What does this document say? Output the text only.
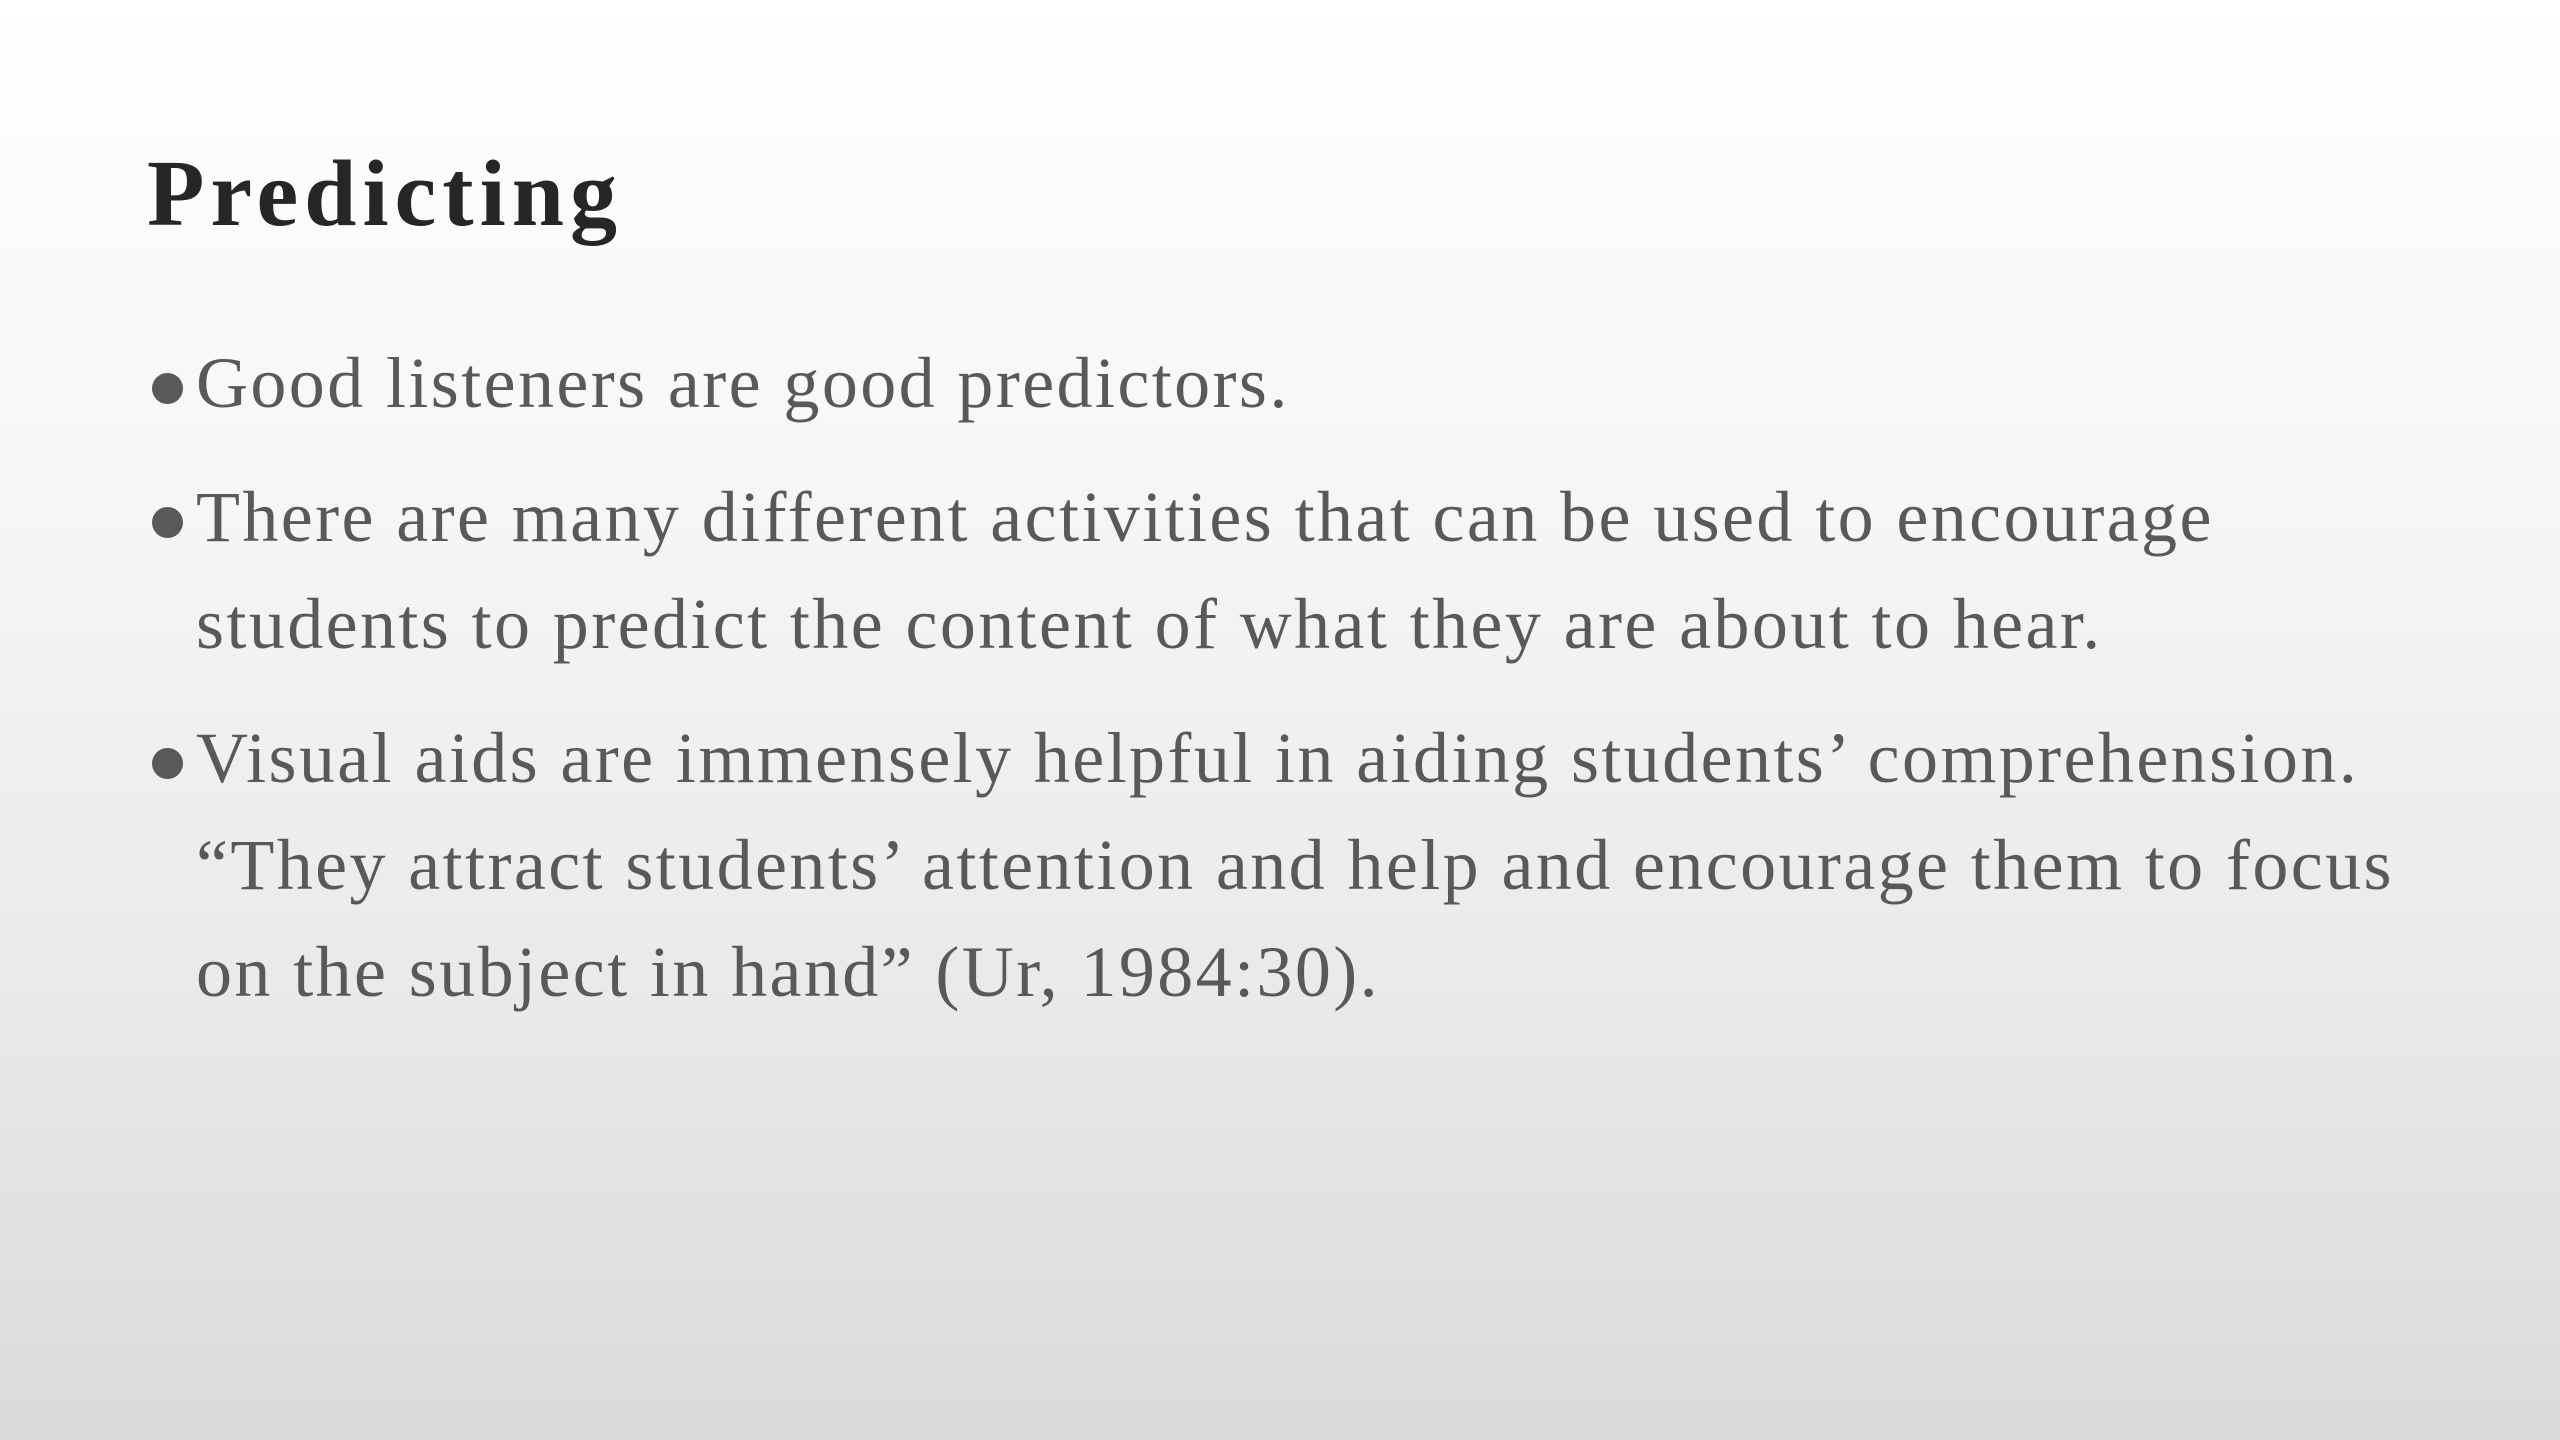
Predicting
Good listeners are good predictors.
There are many different activities that can be used to encourage students to predict the content of what they are about to hear.
Visual aids are immensely helpful in aiding students’ comprehension. “They attract students’ attention and help and encourage them to focus on the subject in hand” (Ur, 1984:30).
